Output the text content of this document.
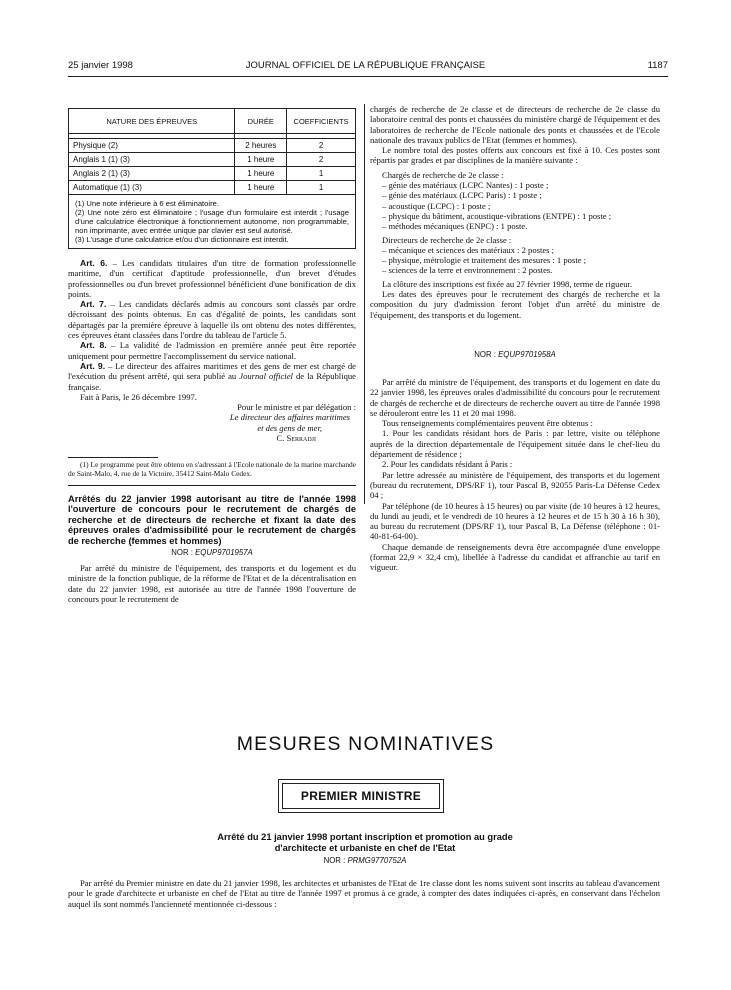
25 janvier 1998	JOURNAL OFFICIEL DE LA RÉPUBLIQUE FRANÇAISE	1187
NATURE DES ÉPREUVES	DURÉE	COEFFICIENTS

Physique (2)	2 heures	2
Anglais 1 (1) (3)	1 heure	2
Anglais 2 (1) (3)	1 heure	1
Automatique (1) (3)	1 heure	1

(1) Une note inférieure à 6 est éliminatoire.

(2) Une note zéro est éliminatoire ; l'usage d'un formulaire est interdit ; l'usage d'une calculatrice électronique à fonctionnement autonome, non programmable, non imprimante, avec entrée unique par clavier est seul autorisé.

(3) L'usage d'une calculatrice et/ou d'un dictionnaire est interdit.

Art. 6. – Les candidats titulaires d'un titre de formation professionnelle maritime, d'un certificat d'aptitude professionnelle, d'un brevet d'études professionnelles ou d'un brevet professionnel bénéficient d'une bonification de dix points.

Art. 7. – Les candidats déclarés admis au concours sont classés par ordre décroissant des points obtenus. En cas d'égalité de points, les candidats sont départagés par la première épreuve à laquelle ils ont obtenu des notes différentes, ces épreuves étant classées dans l'ordre du tableau de l'article 5.

Art. 8. – La validité de l'admission en première année peut être reportée uniquement pour permettre l'accomplissement du service national.

Art. 9. – Le directeur des affaires maritimes et des gens de mer est chargé de l'exécution du présent arrêté, qui sera publié au Journal officiel de la République française.

Fait à Paris, le 26 décembre 1997.

Pour le ministre et par délégation :
Le directeur des affaires maritimes
et des gens de mer,
C. Serradji

(1) Le programme peut être obtenu en s'adressant à l'Ecole nationale de la marine marchande de Saint-Malo, 4, rue de la Victoire, 35412 Saint-Malo Cedex.

Arrêtés du 22 janvier 1998 autorisant au titre de l'année 1998 l'ouverture de concours pour le recrutement de chargés de recherche et de directeurs de recherche et fixant la date des épreuves orales d'admissibilité pour le recrutement de chargés de recherche (femmes et hommes)

NOR : EQUP9701957A

Par arrêté du ministre de l'équipement, des transports et du logement et du ministre de la fonction publique, de la réforme de l'Etat et de la décentralisation en date du 22 janvier 1998, est autorisée au titre de l'année 1998 l'ouverture de concours pour le recrutement de

chargés de recherche de 2e classe et de directeurs de recherche de 2e classe du laboratoire central des ponts et chaussées du ministère chargé de l'équipement et des laboratoires de recherche de l'Ecole nationale des ponts et chaussées et de l'Ecole nationale des travaux publics de l'Etat (femmes et hommes).

Le nombre total des postes offerts aux concours est fixé à 10. Ces postes sont répartis par grades et par disciplines de la manière suivante :

Chargés de recherche de 2e classe :

– génie des matériaux (LCPC Nantes) : 1 poste ;

– génie des matériaux (LCPC Paris) : 1 poste ;

– acoustique (LCPC) : 1 poste ;

– physique du bâtiment, acoustique-vibrations (ENTPE) : 1 poste ;

– méthodes mécaniques (ENPC) : 1 poste.

Directeurs de recherche de 2e classe :

– mécanique et sciences des matériaux : 2 postes ;

– physique, métrologie et traitement des mesures : 1 poste ;

– sciences de la terre et environnement : 2 postes.

La clôture des inscriptions est fixée au 27 février 1998, terme de rigueur.

Les dates des épreuves pour le recrutement des chargés de recherche et la composition du jury d'admission feront l'objet d'un arrêté du ministre de l'équipement, des transports et du logement.

NOR : EQUP9701958A

Par arrêté du ministre de l'équipement, des transports et du logement en date du 22 janvier 1998, les épreuves orales d'admissibilité du concours pour le recrutement de chargés de recherche et de directeurs de recherche ouvert au titre de l'année 1998 se dérouleront entre les 11 et 20 mai 1998.

Tous renseignements complémentaires peuvent être obtenus :

1. Pour les candidats résidant hors de Paris : par lettre, visite ou téléphone auprès de la direction départementale de l'équipement située dans le chef-lieu du département de résidence ;

2. Pour les candidats résidant à Paris :

Par lettre adressée au ministère de l'équipement, des transports et du logement (bureau du recrutement, DPS/RF 1), tour Pascal B, 92055 Paris-La Défense Cedex 04 ;

Par téléphone (de 10 heures à 15 heures) ou par visite (de 10 heures à 12 heures, du lundi au jeudi, et le vendredi de 10 heures à 12 heures et de 15 h 30 à 16 h 30), au bureau du recrutement (DPS/RF 1), tour Pascal B, La Défense (téléphone : 01-40-81-64-00).

Chaque demande de renseignements devra être accompagnée d'une enveloppe (format 22,9 × 32,4 cm), libellée à l'adresse du candidat et affranchie au tarif en vigueur.

MESURES NOMINATIVES
PREMIER MINISTRE

Arrêté du 21 janvier 1998 portant inscription et promotion au grade d'architecte et urbaniste en chef de l'Etat

NOR : PRMG9770752A

Par arrêté du Premier ministre en date du 21 janvier 1998, les architectes et urbanistes de l'Etat de 1re classe dont les noms suivent sont inscrits au tableau d'avancement pour le grade d'architecte et urbaniste en chef de l'Etat au titre de l'année 1997 et promus à ce grade, à compter des dates indiquées ci-après, en conservant dans l'échelon auquel ils sont nommés l'ancienneté mentionnée ci-dessous :
